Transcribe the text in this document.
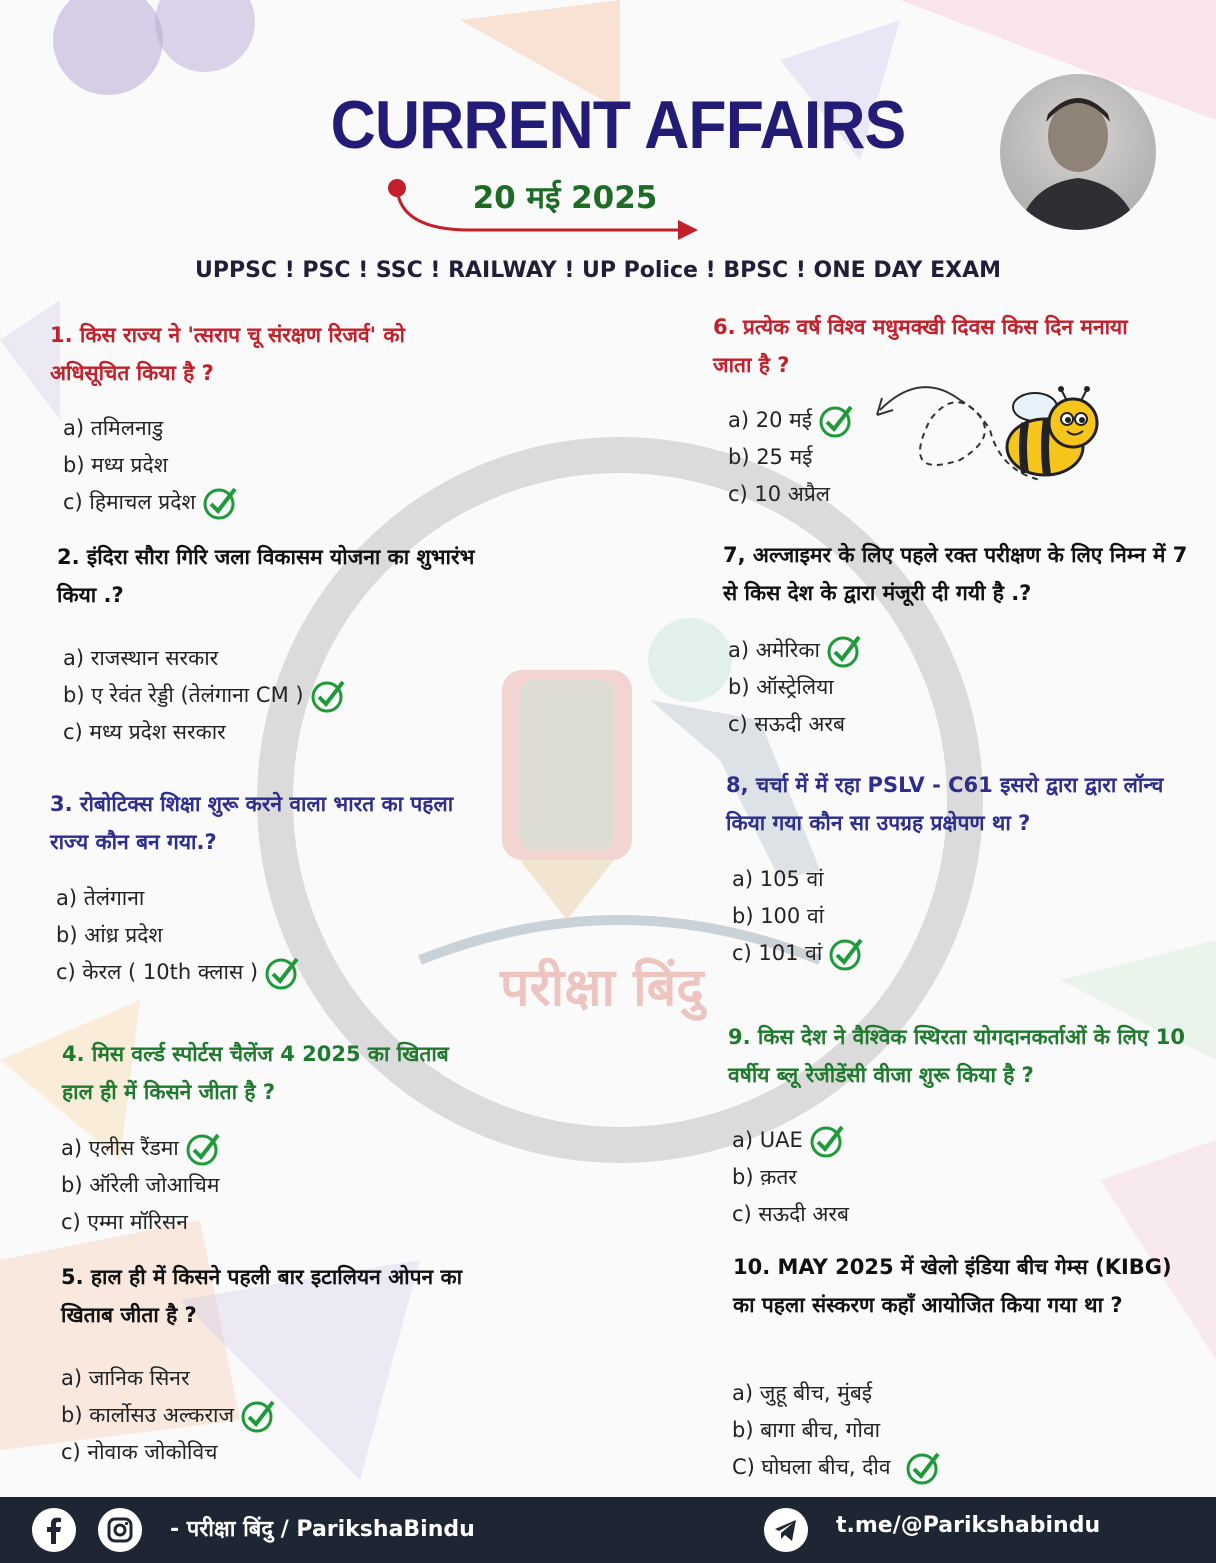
CURRENT AFFAIRS
20 मई 2025
UPPSC ! PSC ! SSC ! RAILWAY ! UP Police ! BPSC ! ONE DAY EXAM
1. किस राज्य ने 'त्सराप चू संरक्षण रिजर्व' को अधिसूचित किया है ?
a) तमिलनाडु
b) मध्य प्रदेश
c) हिमाचल प्रदेश
2. इंदिरा सौरा गिरि जला विकासम योजना का शुभारंभ किया .?
a) राजस्थान सरकार
b) ए रेवंत रेड्डी (तेलंगाना CM )
c) मध्य प्रदेश सरकार
3. रोबोटिक्स शिक्षा शुरू करने वाला भारत का पहला राज्य कौन बन गया.?
a) तेलंगाना
b) आंध्र प्रदेश
c) केरल ( 10th क्लास )
4. मिस वर्ल्ड स्पोर्टस चैलेंज 4 2025 का खिताब हाल ही में किसने जीता है ?
a) एलीस रैंडमा
b) ऑरेली जोआचिम
c) एम्मा मॉरिसन
5. हाल ही में किसने पहली बार इटालियन ओपन का खिताब जीता है ?
a) जानिक सिनर
b) कार्लोसउ अल्कराज
c) नोवाक जोकोविच
6. प्रत्येक वर्ष विश्व मधुमक्खी दिवस किस दिन मनाया जाता है ?
a) 20 मई
b) 25 मई
c) 10 अप्रैल
7, अल्जाइमर के लिए पहले रक्त परीक्षण के लिए निम्न में 7 से किस देश के द्वारा मंजूरी दी गयी है .?
a) अमेरिका
b) ऑस्ट्रेलिया
c) सऊदी अरब
8, चर्चा में में रहा PSLV - C61 इसरो द्वारा द्वारा लॉन्च किया गया कौन सा उपग्रह प्रक्षेपण था ?
a) 105 वां
b) 100 वां
c) 101 वां
9. किस देश ने वैश्विक स्थिरता योगदानकर्ताओं के लिए 10 वर्षीय ब्लू रेजीडेंसी वीजा शुरू किया है ?
a) UAE
b) क़तर
c) सऊदी अरब
10. MAY 2025 में खेलो इंडिया बीच गेम्स (KIBG) का पहला संस्करण कहाँ आयोजित किया गया था ?
a) जुहू बीच, मुंबई
b) बागा बीच, गोवा
C) घोघला बीच, दीव
परीक्षा बिंदु
- परीक्षा बिंदु / ParikshaBindu	t.me/@Parikshabindu
